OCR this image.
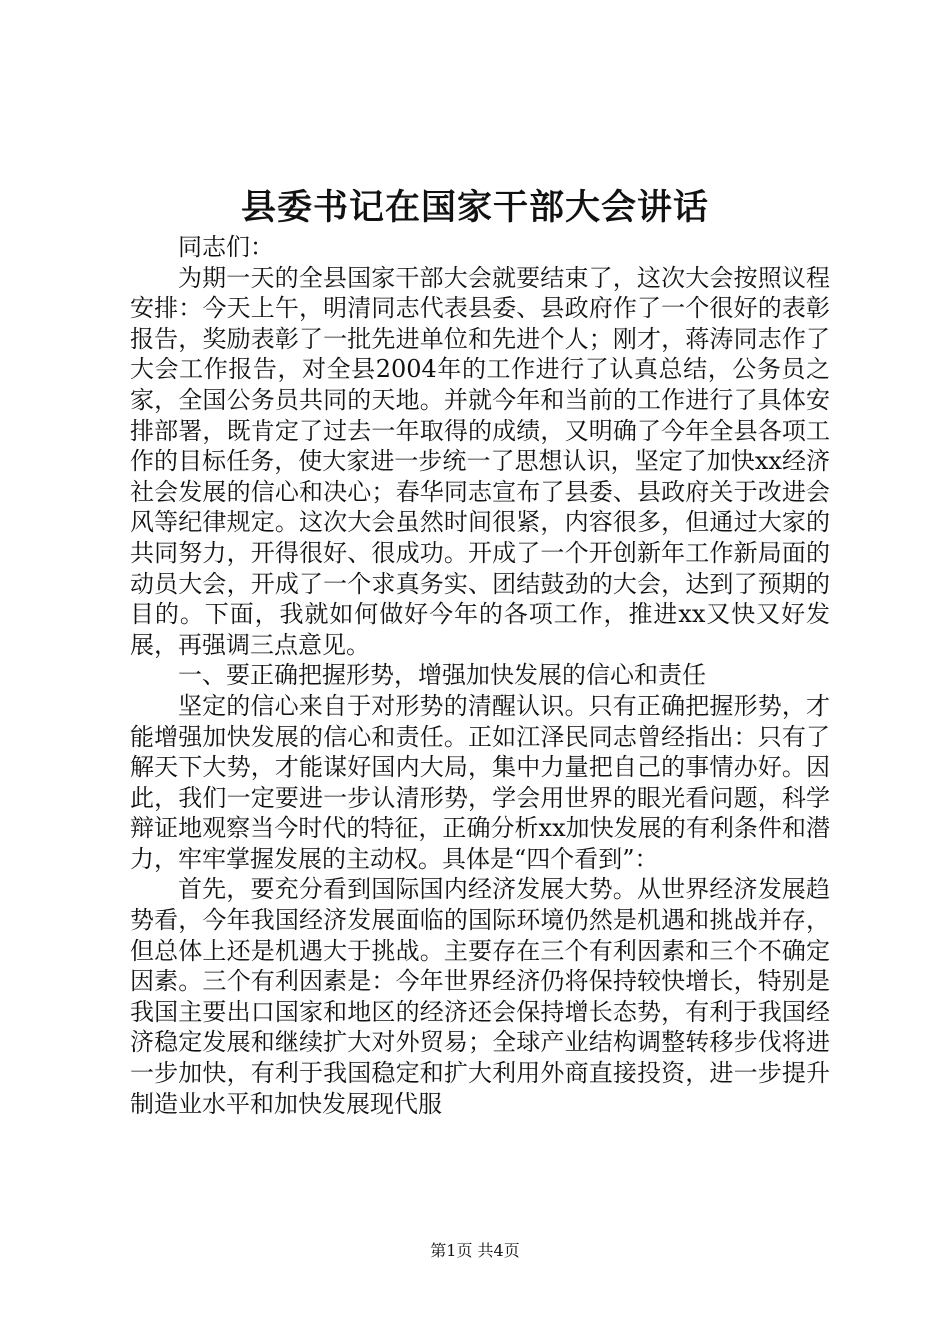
县委书记在国家干部大会讲话

同志们：

为期一天的全县国家干部大会就要结束了，这次大会按照议程安排：今天上午，明清同志代表县委、县政府作了一个很好的表彰报告，奖励表彰了一批先进单位和先进个人；刚才，蒋涛同志作了大会工作报告，对全县2004年的工作进行了认真总结，公务员之家，全国公务员共同的天地。并就今年和当前的工作进行了具体安排部署，既肯定了过去一年取得的成绩，又明确了今年全县各项工作的目标任务，使大家进一步统一了思想认识，坚定了加快xx经济社会发展的信心和决心；春华同志宣布了县委、县政府关于改进会风等纪律规定。这次大会虽然时间很紧，内容很多，但通过大家的共同努力，开得很好、很成功。开成了一个开创新年工作新局面的动员大会，开成了一个求真务实、团结鼓劲的大会，达到了预期的目的。下面，我就如何做好今年的各项工作，推进xx又快又好发展，再强调三点意见。

一、要正确把握形势，增强加快发展的信心和责任

坚定的信心来自于对形势的清醒认识。只有正确把握形势，才能增强加快发展的信心和责任。正如江泽民同志曾经指出：只有了解天下大势，才能谋好国内大局，集中力量把自己的事情办好。因此，我们一定要进一步认清形势，学会用世界的眼光看问题，科学辩证地观察当今时代的特征，正确分析xx加快发展的有利条件和潜力，牢牢掌握发展的主动权。具体是“四个看到”：

首先，要充分看到国际国内经济发展大势。从世界经济发展趋势看，今年我国经济发展面临的国际环境仍然是机遇和挑战并存，但总体上还是机遇大于挑战。主要存在三个有利因素和三个不确定因素。三个有利因素是：今年世界经济仍将保持较快增长，特别是我国主要出口国家和地区的经济还会保持增长态势，有利于我国经济稳定发展和继续扩大对外贸易；全球产业结构调整转移步伐将进一步加快，有利于我国稳定和扩大利用外商直接投资，进一步提升制造业水平和加快发展现代服

第1页 共4页
